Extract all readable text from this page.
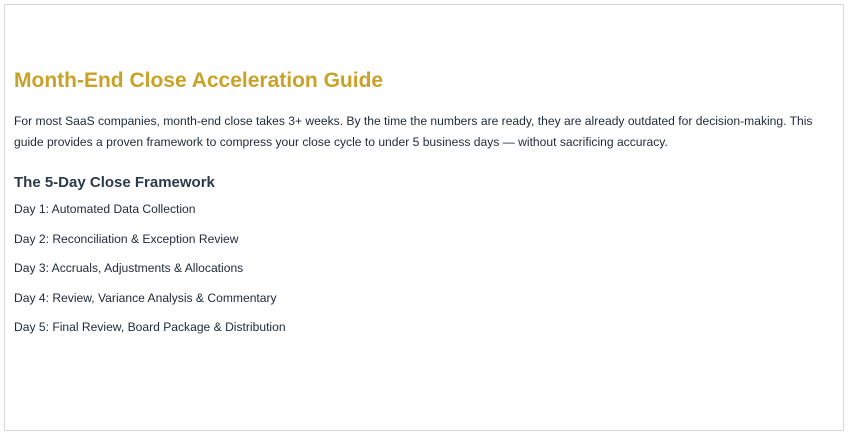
Month-End Close Acceleration Guide

For most SaaS companies, month-end close takes 3+ weeks. By the time the numbers are ready, they are already outdated for decision-making. This guide provides a proven framework to compress your close cycle to under 5 business days — without sacrificing accuracy.

The 5-Day Close Framework
Day 1: Automated Data Collection
Day 2: Reconciliation & Exception Review
Day 3: Accruals, Adjustments & Allocations
Day 4: Review, Variance Analysis & Commentary
Day 5: Final Review, Board Package & Distribution
